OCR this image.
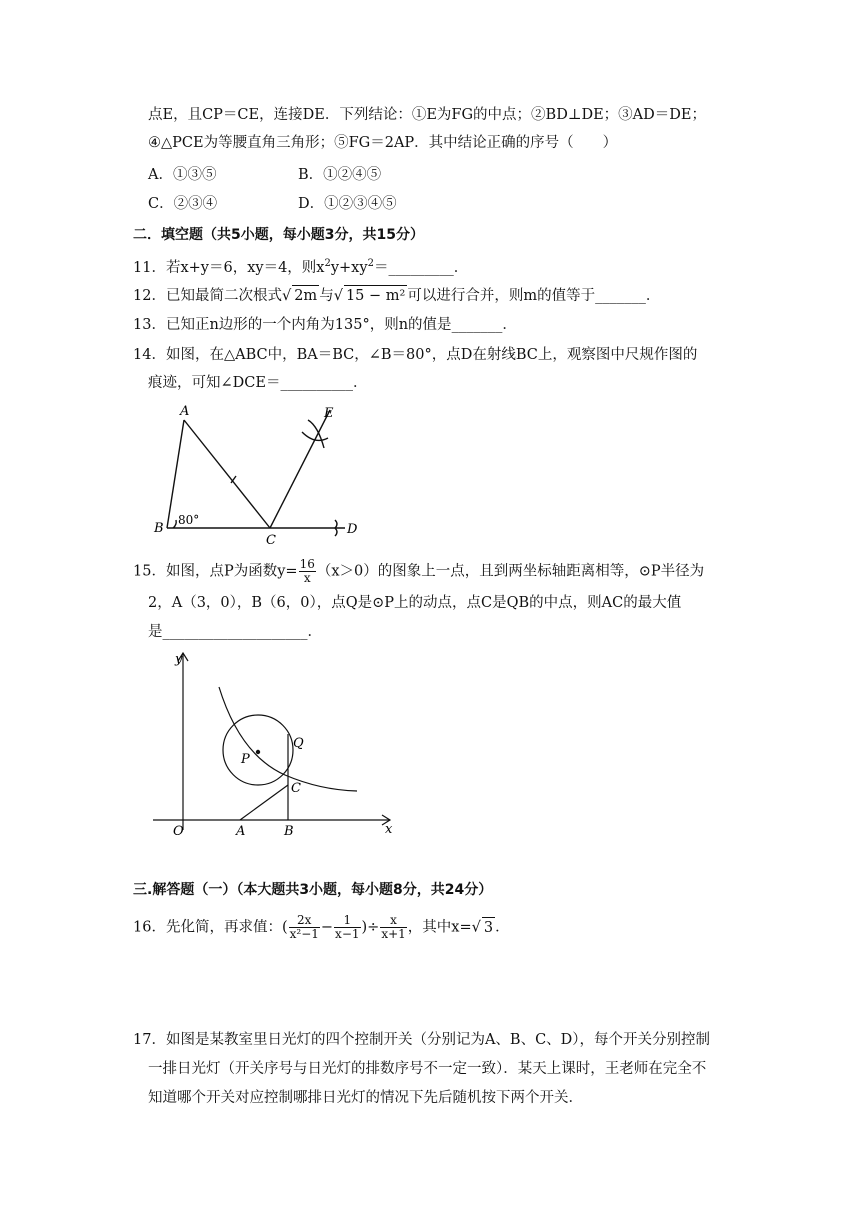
点E，且CP＝CE，连接DE．下列结论：①E为FG的中点；②BD⊥DE；③AD＝DE；
④△PCE为等腰直角三角形；⑤FG＝2AP．其中结论正确的序号（　　）
A．①③⑤	B．①②④⑤
C．②③④	D．①②③④⑤
二．填空题（共5小题，每小题3分，共15分）
11．若x+y＝6，xy＝4，则$x^2y+xy^2=\_\_\_\_\_\_\_\_\_$．
12．已知最简二次根式√ 2m 与√ 15 − m² 可以进行合并，则m的值等于_______．
13．已知正n边形的一个内角为135°，则n的值是_______．
14．如图，在△ABC中，BA＝BC，∠B＝80°，点D在射线BC上，观察图中尺规作图的
痕迹，可知∠DCE＝__________．
A
B
C
D
E
80°
15．如图，点P为函数$y= \frac{16}{x} (x>0)$的图象上一点，且到两坐标轴距离相等，⊙P半径为
2，A（3，0），B（6，0），点Q是⊙P上的动点，点C是QB的中点，则AC的最大值
是____________________．
y
x
O	A	B
P
Q
C
三.解答题（一）（本大题共3小题，每小题8分，共24分）
16．先化简，再求值：( $\frac{2x}{\text{x²−1}} - \frac{1}{x-1}$ )÷ $\frac{x}{x+1}$ ，其中x=√ 3 ．
17．如图是某教室里日光灯的四个控制开关（分别记为A、B、C、D），每个开关分别控制
一排日光灯（开关序号与日光灯的排数序号不一定一致）．某天上课时，王老师在完全不
知道哪个开关对应控制哪排日光灯的情况下先后随机按下两个开关．
